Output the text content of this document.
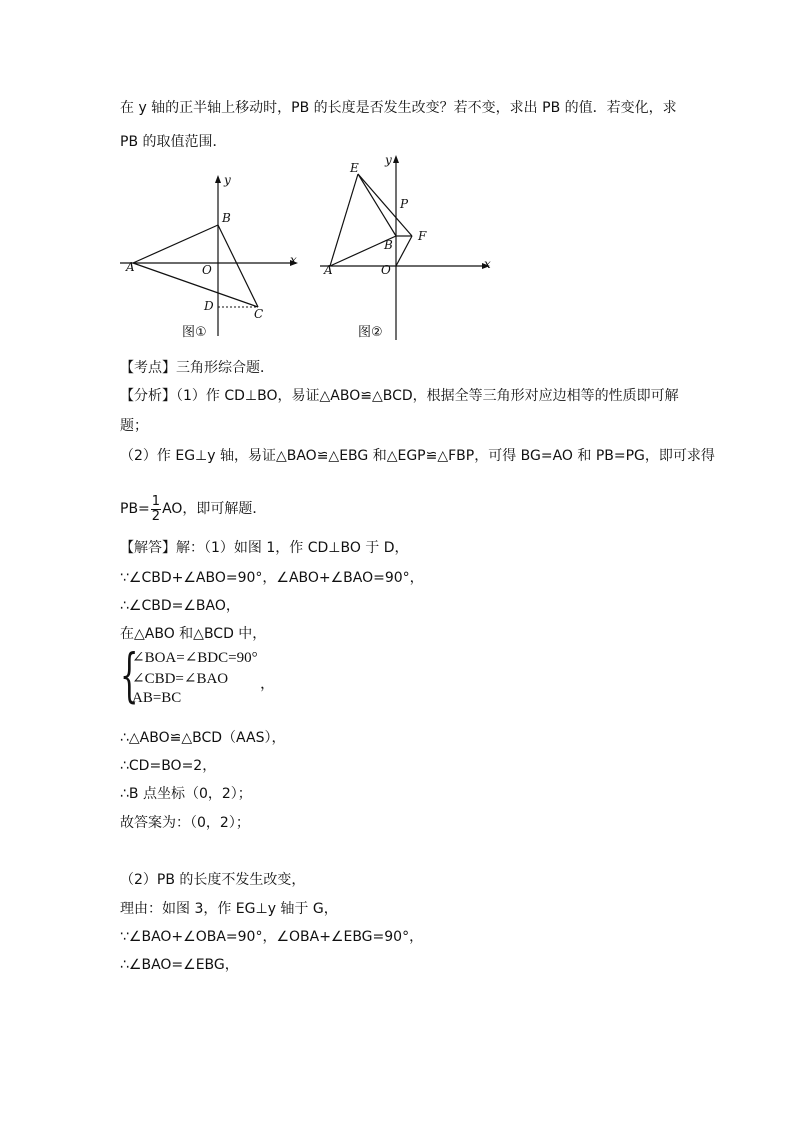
在 y 轴的正半轴上移动时，PB 的长度是否发生改变？若不变，求出 PB 的值．若变化，求
PB 的取值范围．
y
B
x
A	O
D
C
图①
y
E
P
F
B
A	O	x
图②
【考点】三角形综合题．
【分析】（1）作 CD⊥BO，易证△ABO≌△BCD，根据全等三角形对应边相等的性质即可解
题；
（2）作 EG⊥y 轴，易证△BAO≌△EBG 和△EGP≌△FBP，可得 BG=AO 和 PB=PG，即可求得
$PB= \frac{1}{2}$ AO，即可解题．
【解答】解：（1）如图 1，作 CD⊥BO 于 D，
∵∠CBD+∠ABO=90°，∠ABO+∠BAO=90°，
∴∠CBD=∠BAO，
在△ABO 和△BCD 中，
{
∠BOA=∠BDC=90°
∠CBD=∠BAO
AB=BC
，
∴△ABO≌△BCD（AAS），
∴CD=BO=2，
∴B 点坐标（0，2）；
故答案为：（0，2）；
（2）PB 的长度不发生改变，
理由：如图 3，作 EG⊥y 轴于 G，
∵∠BAO+∠OBA=90°，∠OBA+∠EBG=90°，
∴∠BAO=∠EBG，
